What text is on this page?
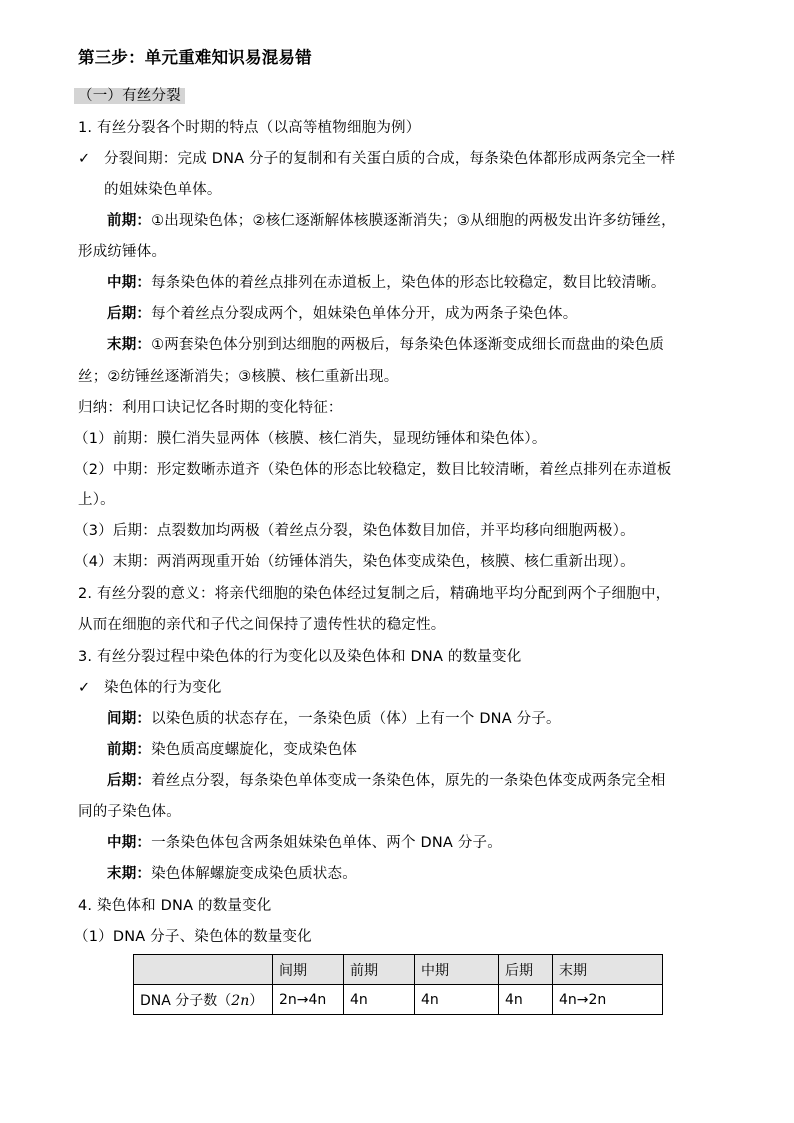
第三步：单元重难知识易混易错
（一）有丝分裂
1. 有丝分裂各个时期的特点（以高等植物细胞为例）
✓ 分裂间期：完成 DNA 分子的复制和有关蛋白质的合成，每条染色体都形成两条完全一样
的姐妹染色单体。
前期：①出现染色体；②核仁逐渐解体核膜逐渐消失；③从细胞的两极发出许多纺锤丝，
形成纺锤体。
中期：每条染色体的着丝点排列在赤道板上，染色体的形态比较稳定，数目比较清晰。
后期：每个着丝点分裂成两个，姐妹染色单体分开，成为两条子染色体。
末期：①两套染色体分别到达细胞的两极后，每条染色体逐渐变成细长而盘曲的染色质
丝；②纺锤丝逐渐消失；③核膜、核仁重新出现。
归纳：利用口诀记忆各时期的变化特征：
（1）前期：膜仁消失显两体（核膜、核仁消失，显现纺锤体和染色体）。
（2）中期：形定数晰赤道齐（染色体的形态比较稳定，数目比较清晰，着丝点排列在赤道板
上）。
（3）后期：点裂数加均两极（着丝点分裂，染色体数目加倍，并平均移向细胞两极）。
（4）末期：两消两现重开始（纺锤体消失，染色体变成染色，核膜、核仁重新出现）。
2. 有丝分裂的意义：将亲代细胞的染色体经过复制之后，精确地平均分配到两个子细胞中，
从而在细胞的亲代和子代之间保持了遗传性状的稳定性。
3. 有丝分裂过程中染色体的行为变化以及染色体和 DNA 的数量变化
✓ 染色体的行为变化
间期：以染色质的状态存在，一条染色质（体）上有一个 DNA 分子。
前期：染色质高度螺旋化，变成染色体
后期：着丝点分裂，每条染色单体变成一条染色体，原先的一条染色体变成两条完全相
同的子染色体。
中期：一条染色体包含两条姐妹染色单体、两个 DNA 分子。
末期：染色体解螺旋变成染色质状态。
4. 染色体和 DNA 的数量变化
（1）DNA 分子、染色体的数量变化
	间期	前期	中期	后期	末期
DNA 分子数（2n）	2n→4n	4n	4n	4n	4n→2n
